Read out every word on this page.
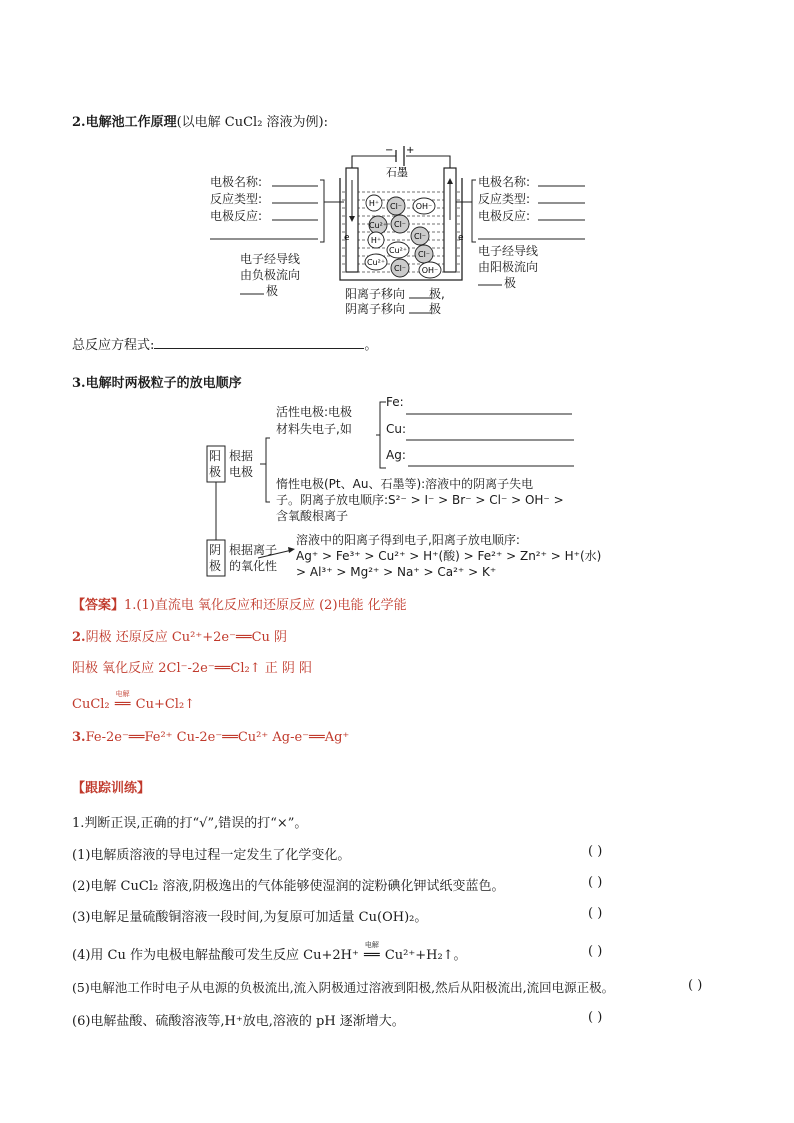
2.电解池工作原理(以电解 CuCl₂ 溶液为例):
电极名称:
反应类型:
电极反应:
电子经导线
由负极流向
极
电极名称:
反应类型:
电极反应:
电子经导线
由阳极流向
极
− +
石墨
e	e
H⁺ Cl⁻ OH⁻
Cu²⁺ Cl⁻
H⁺	Cl⁻
Cu²⁺ Cl⁻
Cu²⁺
Cl⁻ OH⁻
阳离子移向 极,
阴离子移向 极
总反应方程式:	。
3.电解时两极粒子的放电顺序
阳
极
根据
电极
活性电极:电极
材料失电子,如
Fe:
Cu:
Ag:
惰性电极(Pt、Au、石墨等):溶液中的阴离子失电
子。阴离子放电顺序:S²⁻ > I⁻ > Br⁻ > Cl⁻ > OH⁻ >
含氧酸根离子
阴
极
根据离子
的氧化性
溶液中的阳离子得到电子,阳离子放电顺序:
Ag⁺ > Fe³⁺ > Cu²⁺ > H⁺(酸) > Fe²⁺ > Zn²⁺ > H⁺(水)
> Al³⁺ > Mg²⁺ > Na⁺ > Ca²⁺ > K⁺
【答案】1.(1)直流电 氧化反应和还原反应 (2)电能 化学能
2.阴极 还原反应 Cu²⁺+2e⁻══Cu 阴
阳极 氧化反应 2Cl⁻-2e⁻══Cl₂↑ 正 阴 阳
CuCl₂
电解
══ Cu+Cl₂↑
3.Fe-2e⁻══Fe²⁺ Cu-2e⁻══Cu²⁺ Ag-e⁻══Ag⁺
【跟踪训练】
1.判断正误,正确的打“√”,错误的打“×”。
(1)电解质溶液的导电过程一定发生了化学变化。	( )
(2)电解 CuCl₂ 溶液,阴极逸出的气体能够使湿润的淀粉碘化钾试纸变蓝色。	( )
(3)电解足量硫酸铜溶液一段时间,为复原可加适量 Cu(OH)₂。	( )
(4)用 Cu 作为电极电解盐酸可发生反应 Cu+2H⁺
电解
══ Cu²⁺+H₂↑。	( )
(5)电解池工作时电子从电源的负极流出,流入阴极通过溶液到阳极,然后从阳极流出,流回电源正极。	( )
(6)电解盐酸、硫酸溶液等,H⁺放电,溶液的 pH 逐渐增大。	( )
